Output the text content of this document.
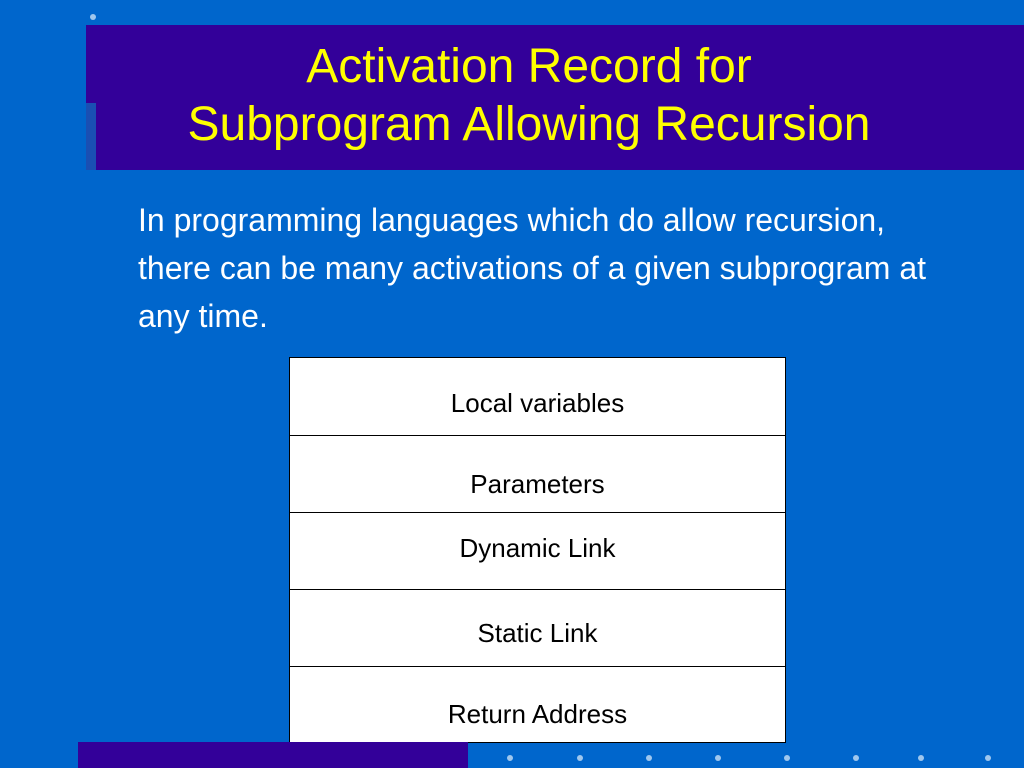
Activation Record for
Subprogram Allowing Recursion
In programming languages which do allow recursion, there can be many activations of a given subprogram at any time.
Local variables
Parameters
Dynamic Link
Static Link
Return Address
